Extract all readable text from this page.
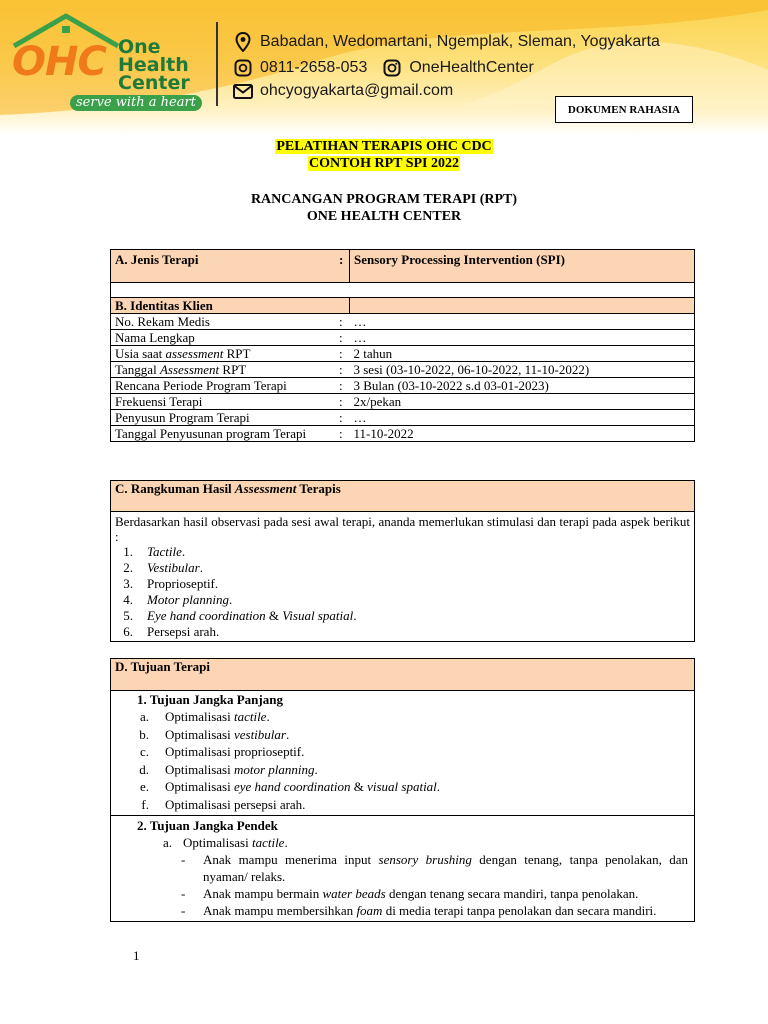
OHC One
Health
Center
serve with a heart
Babadan, Wedomartani, Ngemplak, Sleman, Yogyakarta
0811-2658-053	OneHealthCenter
ohcyogyakarta@gmail.com
DOKUMEN RAHASIA
PELATIHAN TERAPIS OHC CDC
CONTOH RPT SPI 2022
RANCANGAN PROGRAM TERAPI (RPT)
ONE HEALTH CENTER
A. Jenis Terapi	:	Sensory Processing Intervention (SPI)

B. Identitas Klien		
No. Rekam Medis	:	…
Nama Lengkap	:	…
Usia saat assessment RPT	:	2 tahun
Tanggal Assessment RPT	:	3 sesi (03-10-2022, 06-10-2022, 11-10-2022)
Rencana Periode Program Terapi	:	3 Bulan (03-10-2022 s.d 03-01-2023)
Frekuensi Terapi	:	2x/pekan
Penyusun Program Terapi	:	…
Tanggal Penyusunan program Terapi	:	11-10-2022
C. Rangkuman Hasil Assessment Terapis
Berdasarkan hasil observasi pada sesi awal terapi, ananda memerlukan stimulasi dan terapi pada aspek berikut :
1. Tactile.
2. Vestibular.
3. Proprioseptif.
4. Motor planning.
5. Eye hand coordination & Visual spatial.
6. Persepsi arah.
D. Tujuan Terapi
1. Tujuan Jangka Panjang
a. Optimalisasi tactile.
b. Optimalisasi vestibular.
c. Optimalisasi proprioseptif.
d. Optimalisasi motor planning.
e. Optimalisasi eye hand coordination & visual spatial.
f. Optimalisasi persepsi arah.
2. Tujuan Jangka Pendek
a. Optimalisasi tactile.
-	Anak mampu menerima input sensory brushing dengan tenang, tanpa penolakan, dan nyaman/ relaks.
-	Anak mampu bermain water beads dengan tenang secara mandiri, tanpa penolakan.
-	Anak mampu membersihkan foam di media terapi tanpa penolakan dan secara mandiri.
1
